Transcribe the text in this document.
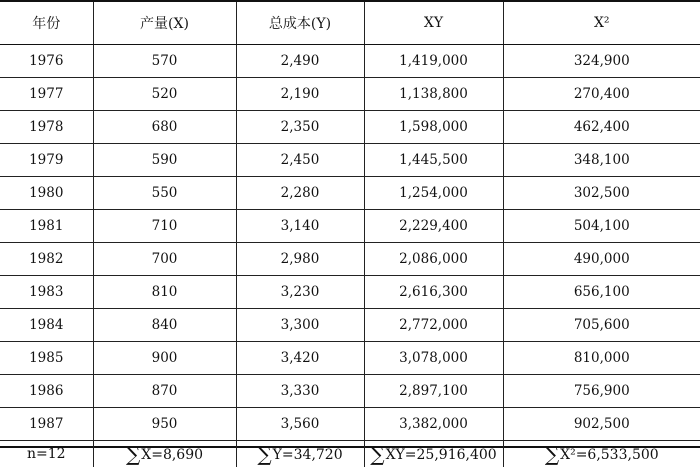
年份	产量(X)	总成本(Y)	XY	X²
1976	570	2,490	1,419,000	324,900
1977	520	2,190	1,138,800	270,400
1978	680	2,350	1,598,000	462,400
1979	590	2,450	1,445,500	348,100
1980	550	2,280	1,254,000	302,500
1981	710	3,140	2,229,400	504,100
1982	700	2,980	2,086,000	490,000
1983	810	3,230	2,616,300	656,100
1984	840	3,300	2,772,000	705,600
1985	900	3,420	3,078,000	810,000
1986	870	3,330	2,897,100	756,900
1987	950	3,560	3,382,000	902,500
n=12	∑X=8,690	∑Y=34,720	∑XY=25,916,400	∑X²=6,533,500
